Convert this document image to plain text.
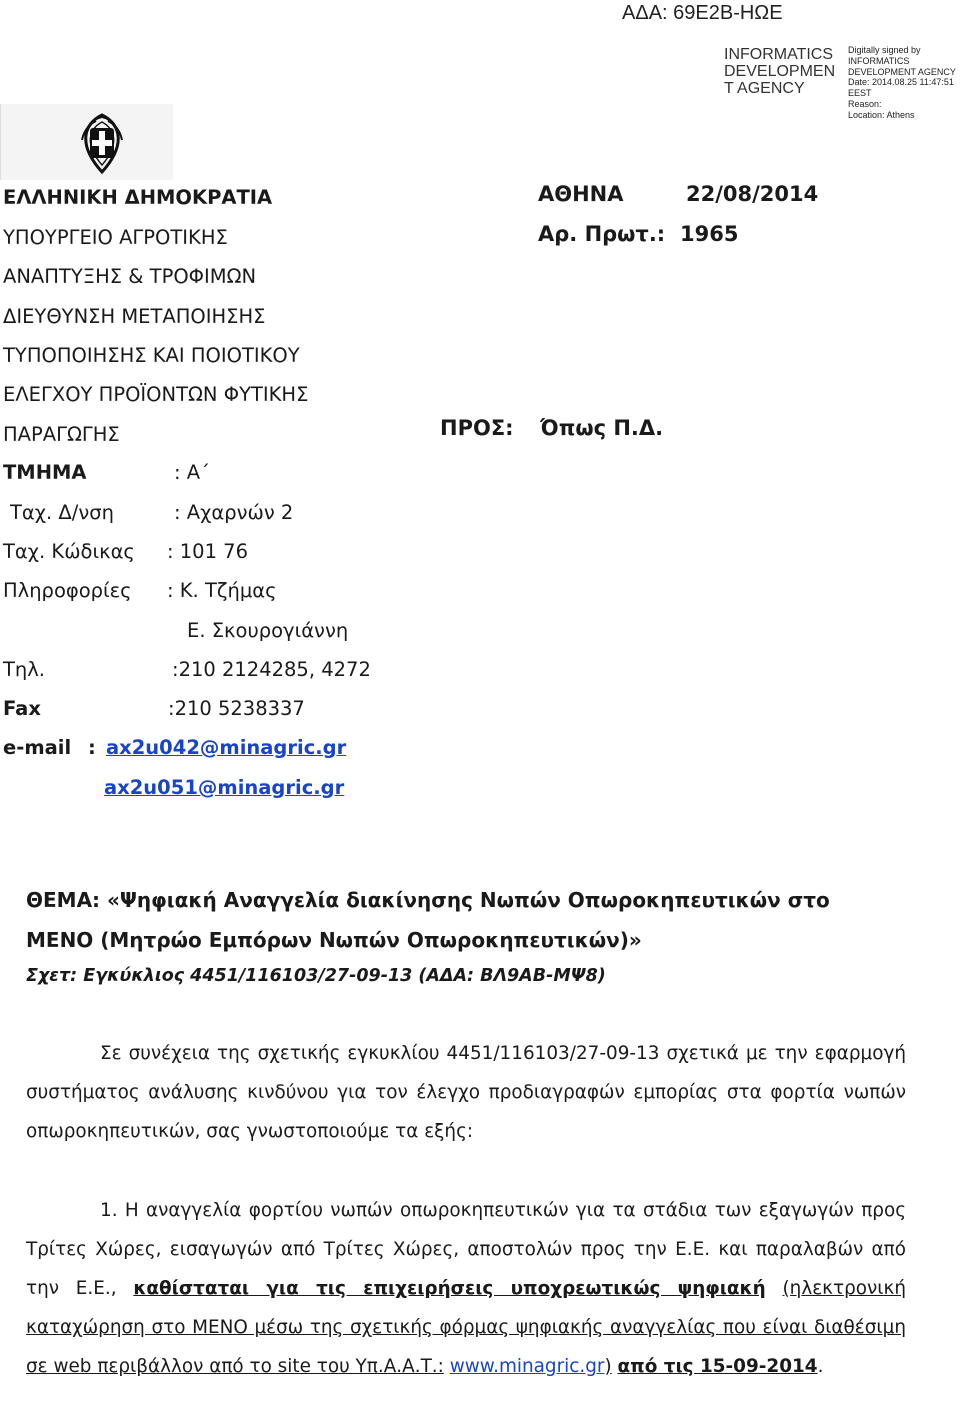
ΑΔΑ: 69Ε2Β-ΗΩΕ
INFORMATICS
DEVELOPMEN
T AGENCY
Digitally signed by
INFORMATICS
DEVELOPMENT AGENCY
Date: 2014.08.25 11:47:51
EEST
Reason:
Location: Athens
ΕΛΛΗΝΙΚΗ ΔΗΜΟΚΡΑΤΙΑ
ΥΠΟΥΡΓΕΙΟ ΑΓΡΟΤΙΚΗΣ
ΑΝΑΠΤΥΞΗΣ & ΤΡΟΦΙΜΩΝ
ΔΙΕΥΘΥΝΣΗ ΜΕΤΑΠΟΙΗΣΗΣ
ΤΥΠΟΠΟΙΗΣΗΣ ΚΑΙ ΠΟΙΟΤΙΚΟΥ
ΕΛΕΓΧΟΥ ΠΡΟΪΟΝΤΩΝ ΦΥΤΙΚΗΣ
ΠΑΡΑΓΩΓΗΣ
ΤΜΗΜΑ	: Α΄
Ταχ. Δ/νση	: Αχαρνών 2
Ταχ. Κώδικας : 101 76
Πληροφορίες : Κ. Τζήμας
Ε. Σκουρογιάννη
Τηλ.	:210 2124285, 4272
Fax	:210 5238337
e-mail : ax2u042@minagric.gr
ax2u051@minagric.gr
ΑΘΗΝΑ	22/08/2014
Αρ. Πρωτ.: 1965
ΠΡΟΣ: Όπως Π.Δ.
ΘΕΜΑ: «Ψηφιακή Αναγγελία διακίνησης Νωπών Οπωροκηπευτικών στο
ΜΕΝΟ (Μητρώο Εμπόρων Νωπών Οπωροκηπευτικών)»
Σχετ: Εγκύκλιος 4451/116103/27-09-13 (ΑΔΑ: ΒΛ9ΑΒ-ΜΨ8)
Σε συνέχεια της σχετικής εγκυκλίου 4451/116103/27-09-13 σχετικά με την εφαρμογή συστήματος ανάλυσης κινδύνου για τον έλεγχο προδιαγραφών εμπορίας στα φορτία νωπών οπωροκηπευτικών, σας γνωστοποιούμε τα εξής:
1. Η αναγγελία φορτίου νωπών οπωροκηπευτικών για τα στάδια των εξαγωγών προς Τρίτες Χώρες, εισαγωγών από Τρίτες Χώρες, αποστολών προς την Ε.Ε. και παραλαβών από την Ε.Ε., καθίσταται για τις επιχειρήσεις υποχρεωτικώς ψηφιακή (ηλεκτρονική καταχώρηση στο ΜΕΝΟ μέσω της σχετικής φόρμας ψηφιακής αναγγελίας που είναι διαθέσιμη σε web περιβάλλον από το site του Υπ.Α.Α.Τ.: www.minagric.gr) από τις 15-09-2014.
